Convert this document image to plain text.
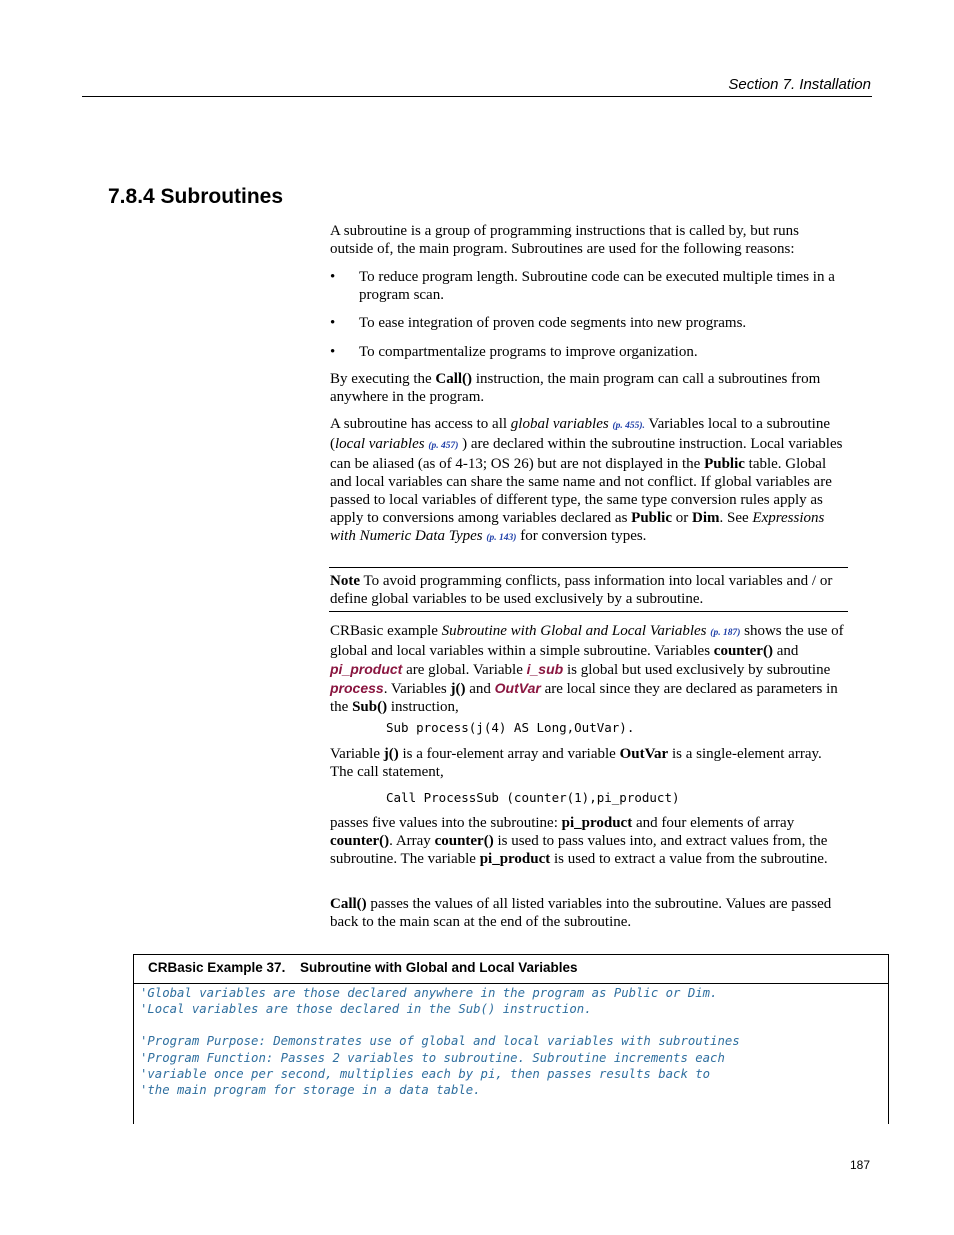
Section 7. Installation
7.8.4 Subroutines

A subroutine is a group of programming instructions that is called by, but runs outside of, the main program. Subroutines are used for the following reasons:

• To reduce program length. Subroutine code can be executed multiple times in a program scan.
• To ease integration of proven code segments into new programs.
• To compartmentalize programs to improve organization.

By executing the Call() instruction, the main program can call a subroutines from anywhere in the program.

A subroutine has access to all global variables (p. 455). Variables local to a subroutine (local variables (p. 457) ) are declared within the subroutine instruction. Local variables can be aliased (as of 4-13; OS 26) but are not displayed in the Public table. Global and local variables can share the same name and not conflict. If global variables are passed to local variables of different type, the same type conversion rules apply as apply to conversions among variables declared as Public or Dim. See Expressions with Numeric Data Types (p. 143) for conversion types.

Note To avoid programming conflicts, pass information into local variables and / or define global variables to be used exclusively by a subroutine.

CRBasic example Subroutine with Global and Local Variables (p. 187) shows the use of global and local variables within a simple subroutine. Variables counter() and pi_product are global. Variable i_sub is global but used exclusively by subroutine process. Variables j() and OutVar are local since they are declared as parameters in the Sub() instruction,

Sub process(j(4) AS Long,OutVar).

Variable j() is a four-element array and variable OutVar is a single-element array. The call statement,

Call ProcessSub (counter(1),pi_product)

passes five values into the subroutine: pi_product and four elements of array counter(). Array counter() is used to pass values into, and extract values from, the subroutine. The variable pi_product is used to extract a value from the subroutine.

Call() passes the values of all listed variables into the subroutine. Values are passed back to the main scan at the end of the subroutine.

CRBasic Example 37. Subroutine with Global and Local Variables
'Global variables are those declared anywhere in the program as Public or Dim.
'Local variables are those declared in the Sub() instruction.
'Program Purpose: Demonstrates use of global and local variables with subroutines
'Program Function: Passes 2 variables to subroutine. Subroutine increments each
'variable once per second, multiplies each by pi, then passes results back to
'the main program for storage in a data table.
187
